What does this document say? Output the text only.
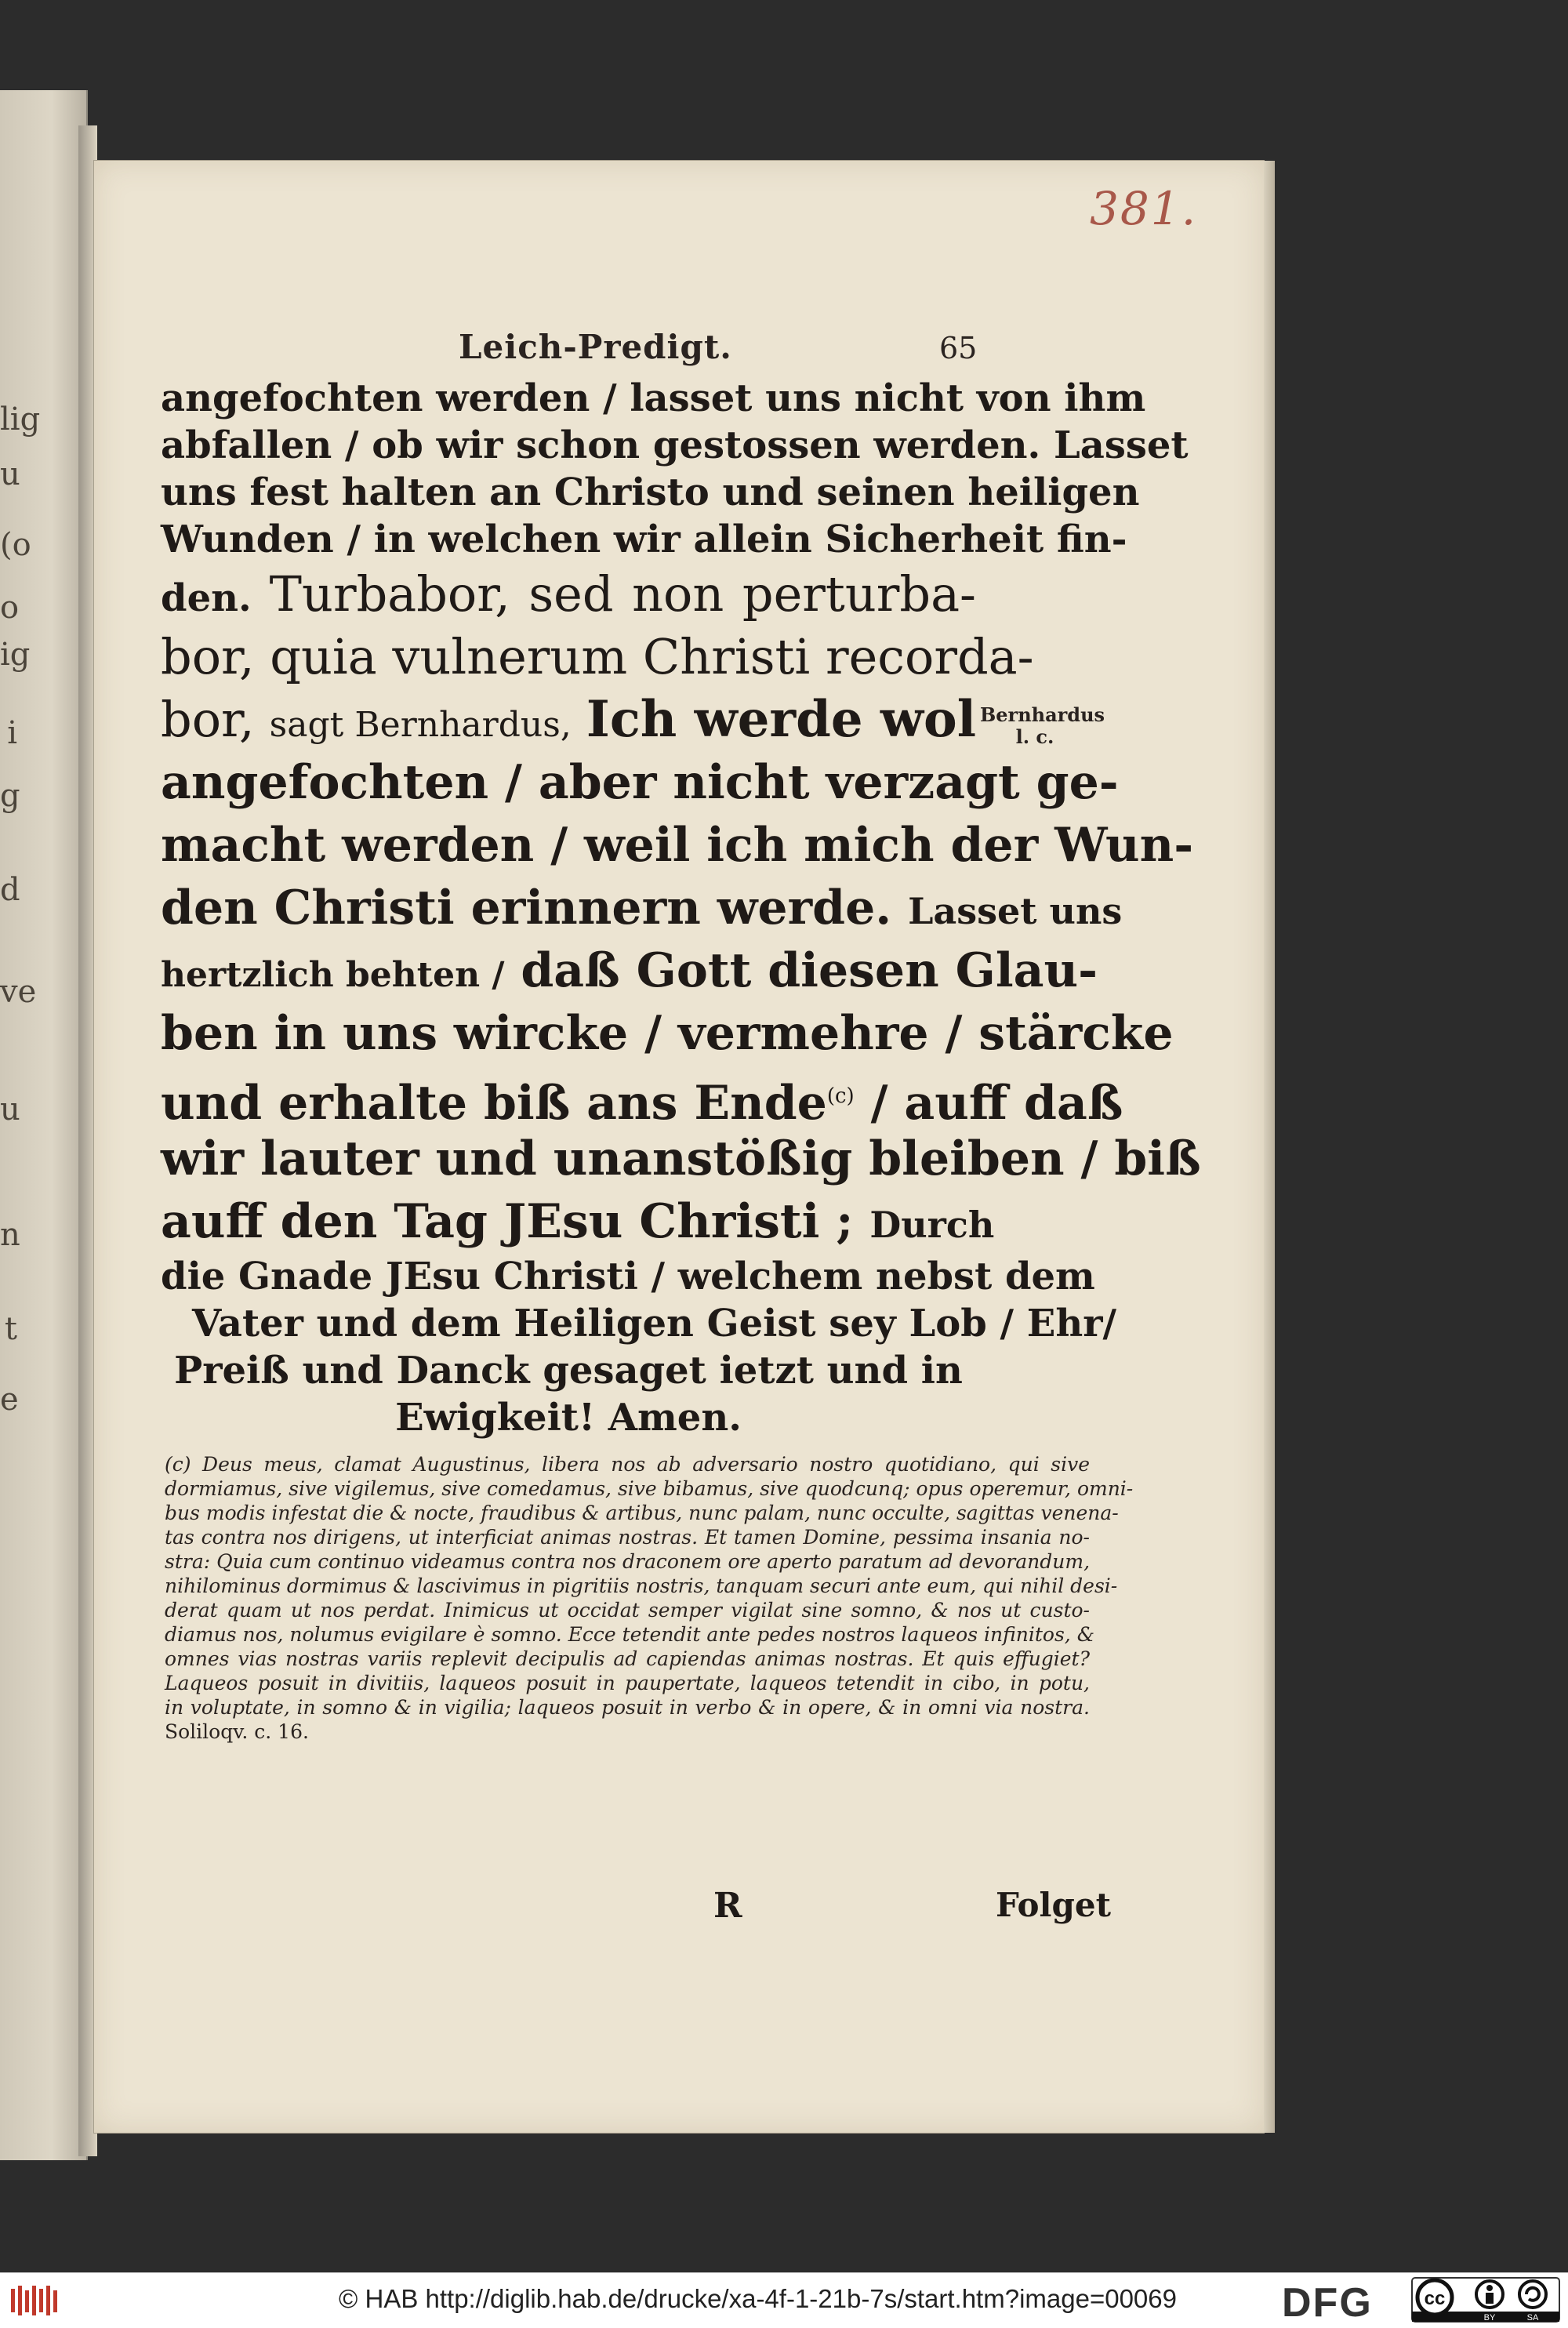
lig
u
(o
o
ig
i
g
d
ve
u
n
t
e
381.
Leich-Predigt.	65
angefochten werden / lasset uns nicht von ihm
abfallen / ob wir schon gestossen werden. Lasset
uns fest halten an Christo und seinen heiligen
Wunden / in welchen wir allein Sicherheit fin-
den. Turbabor, sed non perturba-
bor, quia vulnerum Christi recorda-
bor, sagt Bernhardus, Ich werde wol
angefochten / aber nicht verzagt ge-
macht werden / weil ich mich der Wun-
den Christi erinnern werde. Lasset uns
hertzlich behten / daß Gott diesen Glau-
ben in uns wircke / vermehre / stärcke
und erhalte biß ans Ende$^{(c)}$ / auff daß
wir lauter und unanstößig bleiben / biß
auff den Tag JEsu Christi ; Durch
die Gnade JEsu Christi / welchem nebst dem
Vater und dem Heiligen Geist sey Lob / Ehr/
Preiß und Danck gesaget ietzt und in
Ewigkeit! Amen.
Bernhardus
l. c.
(c) Deus meus, clamat Augustinus, libera nos ab adversario nostro quotidiano, qui sive
dormiamus, sive vigilemus, sive comedamus, sive bibamus, sive quodcunq; opus operemur, omni-
bus modis infestat die & nocte, fraudibus & artibus, nunc palam, nunc occulte, sagittas venena-
tas contra nos dirigens, ut interficiat animas nostras. Et tamen Domine, pessima insania no-
stra: Quia cum continuo videamus contra nos draconem ore aperto paratum ad devorandum,
nihilominus dormimus & lascivimus in pigritiis nostris, tanquam securi ante eum, qui nihil desi-
derat quam ut nos perdat. Inimicus ut occidat semper vigilat sine somno, & nos ut custo-
diamus nos, nolumus evigilare è somno. Ecce tetendit ante pedes nostros laqueos infinitos, &
omnes vias nostras variis replevit decipulis ad capiendas animas nostras. Et quis effugiet?
Laqueos posuit in divitiis, laqueos posuit in paupertate, laqueos tetendit in cibo, in potu,
in voluptate, in somno & in vigilia; laqueos posuit in verbo & in opere, & in omni via nostra.
Soliloqv. c. 16.
R	Folget
© HAB http://diglib.hab.de/drucke/xa-4f-1-21b-7s/start.htm?image=00069	DFG	cc
BY	SA
